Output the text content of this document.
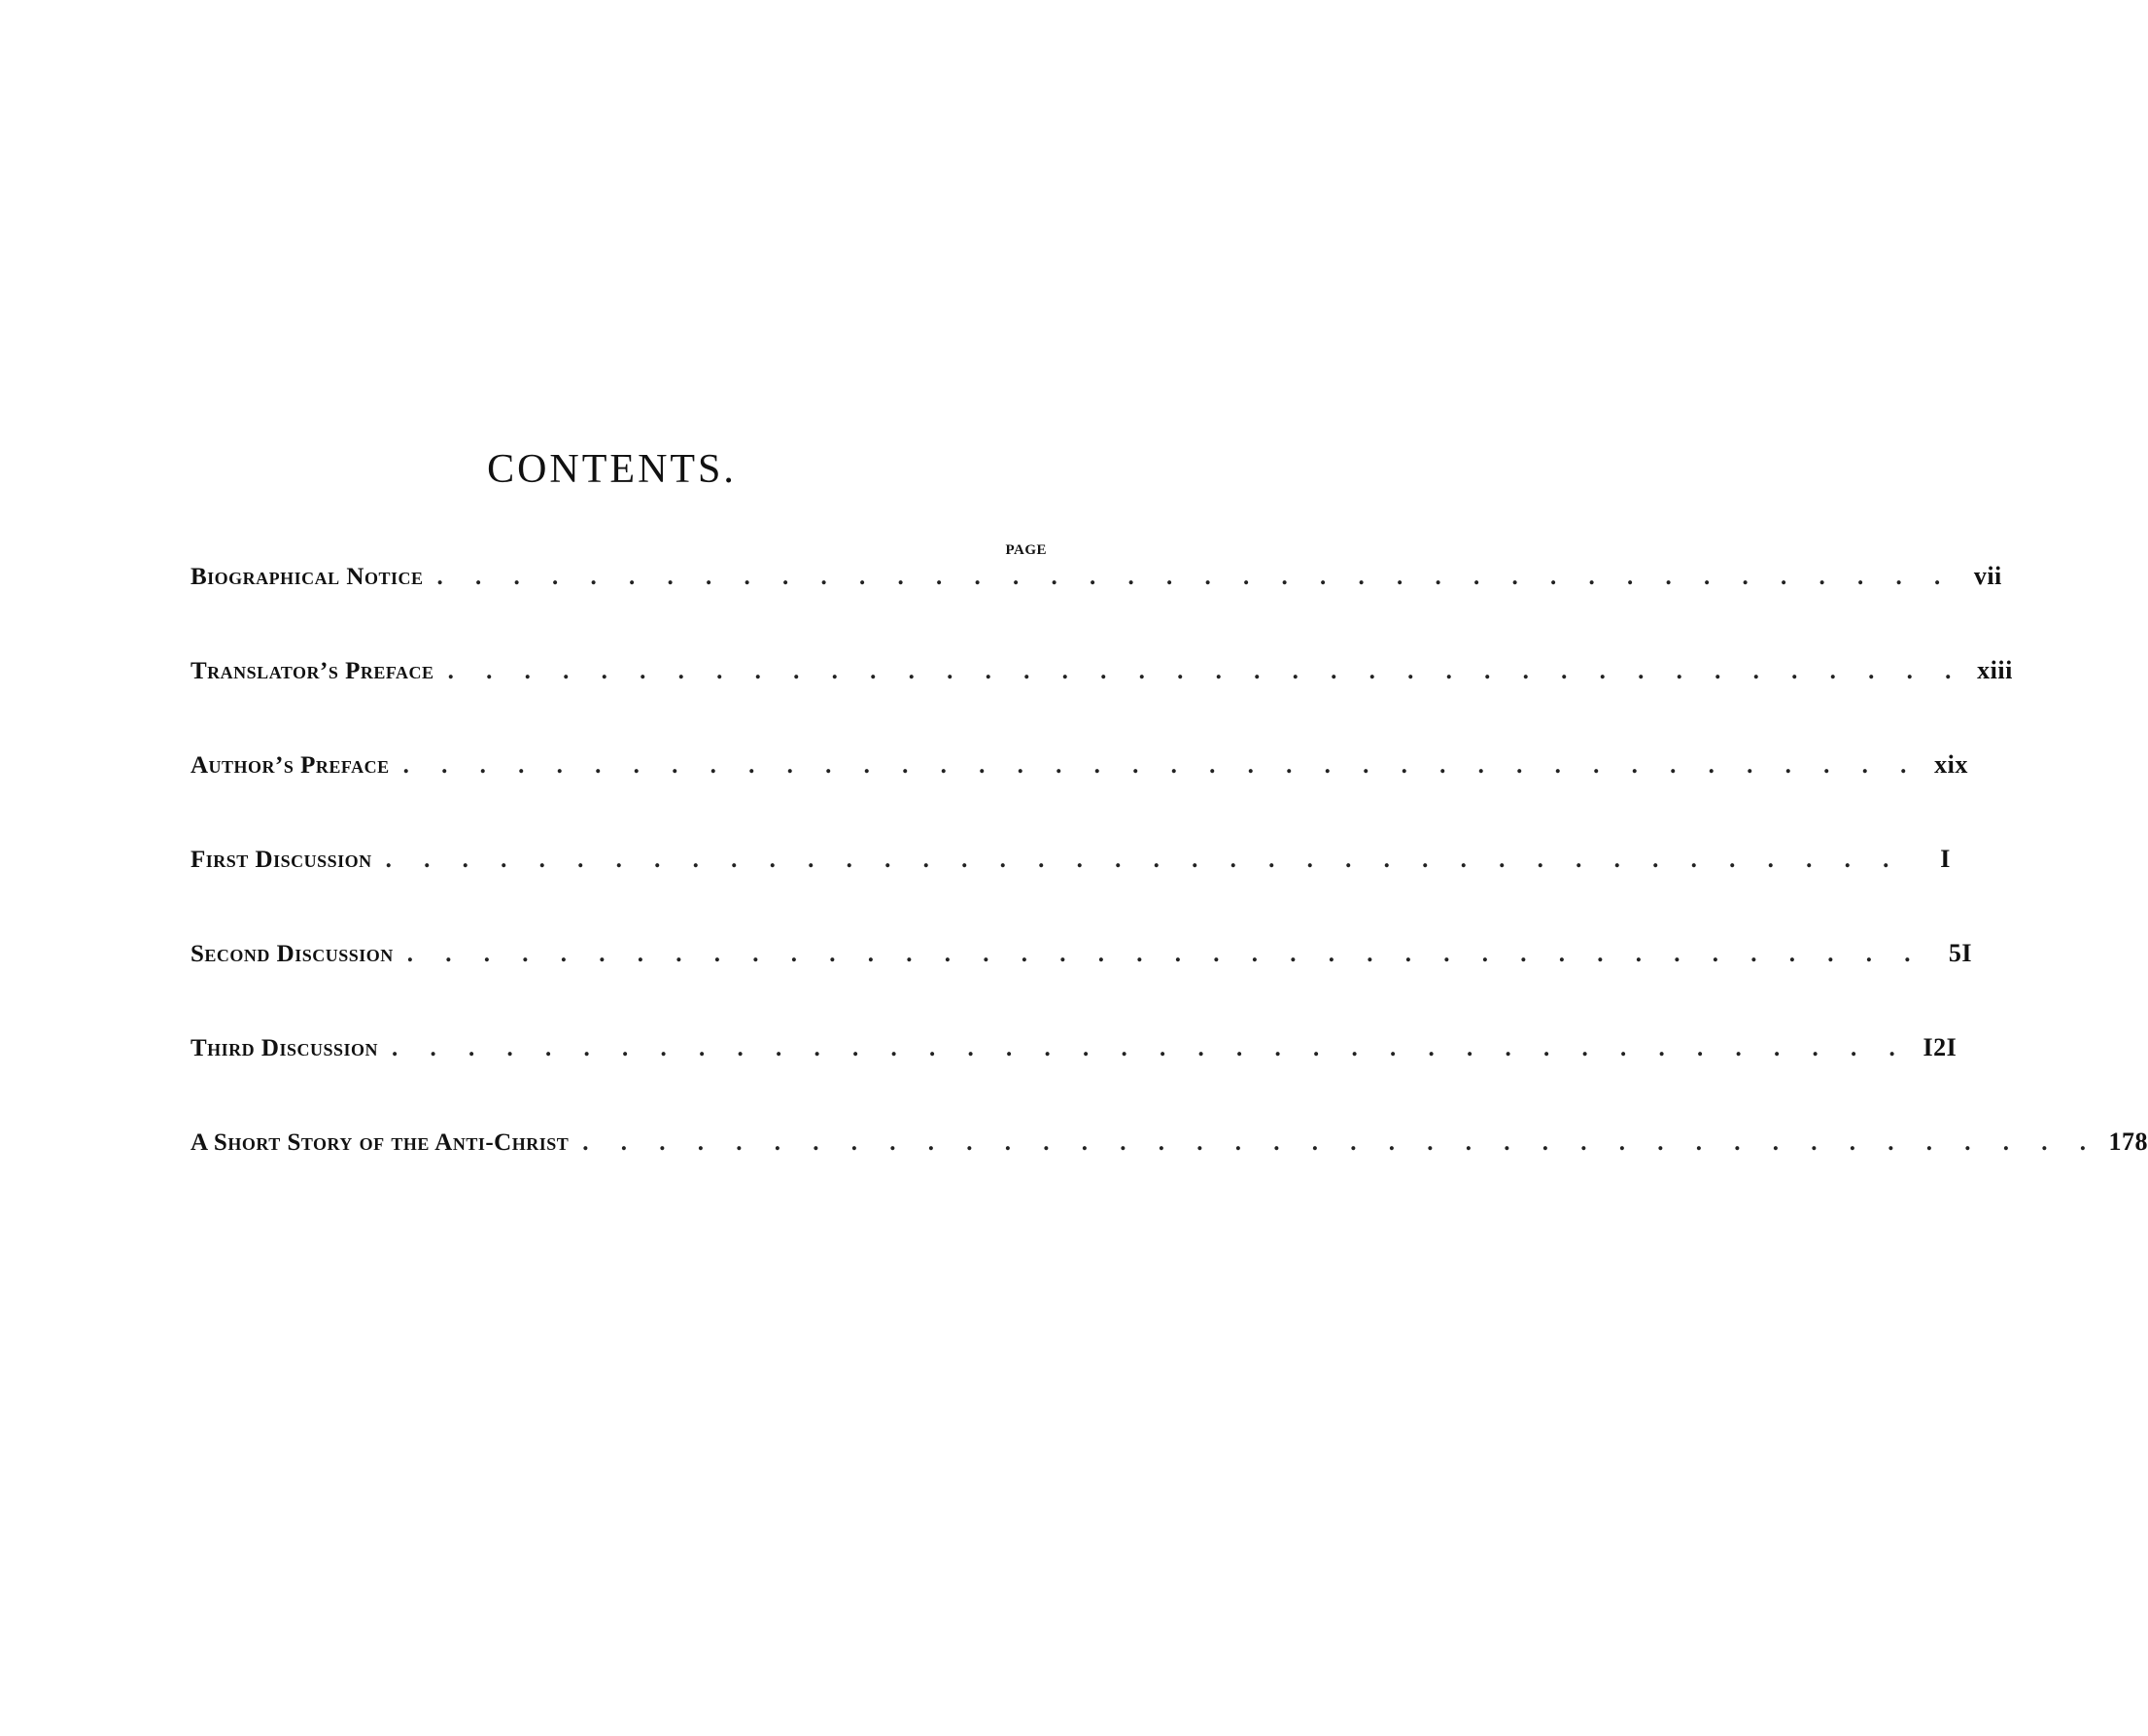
CONTENTS.
PAGE
Biographical Notice . . . . . . . . . . . . . . . . . . . . . . . . . . . . . . . . . . . . . . . . vii
Translator’s Preface . . . . . . . . . . . . . . . . . . . . . . . . . . . . . . . . . . . . . . . . xiii
Author’s Preface . . . . . . . . . . . . . . . . . . . . . . . . . . . . . . . . . . . . . . . . xix
First Discussion . . . . . . . . . . . . . . . . . . . . . . . . . . . . . . . . . . . . . . . .	I
Second Discussion . . . . . . . . . . . . . . . . . . . . . . . . . . . . . . . . . . . . . . . . 5I
Third Discussion . . . . . . . . . . . . . . . . . . . . . . . . . . . . . . . . . . . . . . . . I2I
A Short Story of the Anti-Christ . . . . . . . . . . . . . . . . . . . . . . . . . . . . . . . . . . . . . . . . 178
